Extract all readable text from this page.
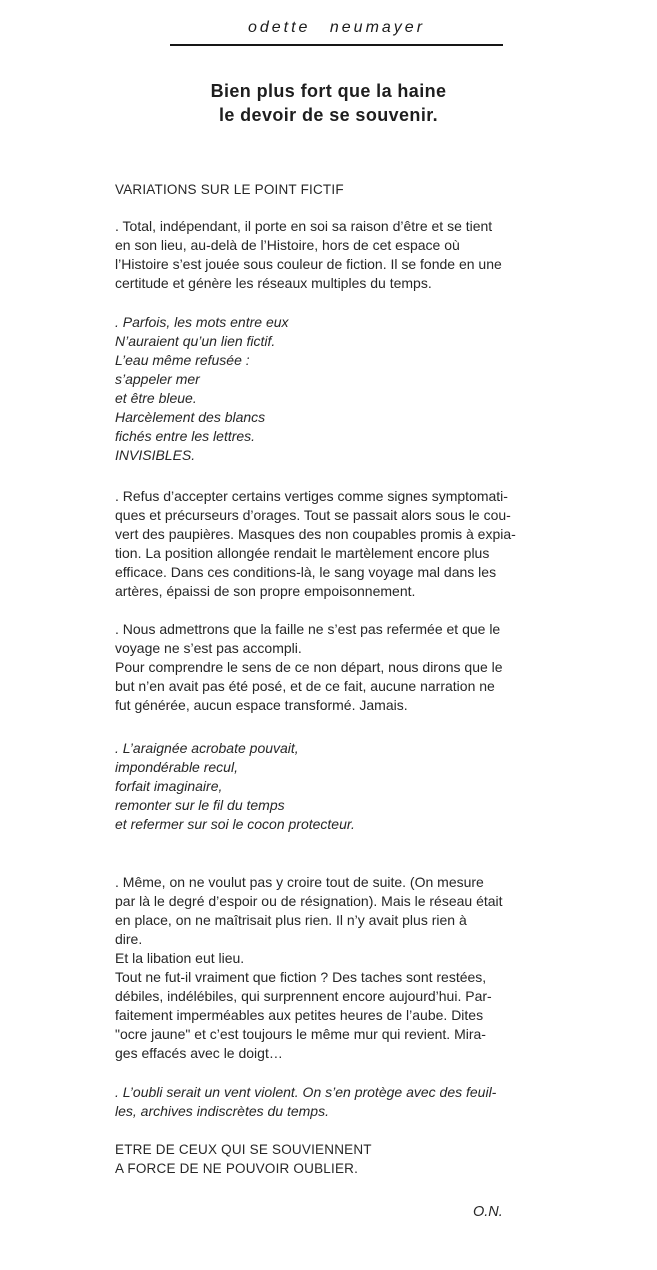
odette neumayer
Bien plus fort que la haine
le devoir de se souvenir.
VARIATIONS SUR LE POINT FICTIF
. Total, indépendant, il porte en soi sa raison d’être et se tient
en son lieu, au-delà de l’Histoire, hors de cet espace où
l’Histoire s’est jouée sous couleur de fiction. Il se fonde en une
certitude et génère les réseaux multiples du temps.
. Parfois, les mots entre eux
N’auraient qu’un lien fictif.
L’eau même refusée :
s’appeler mer
et être bleue.
Harcèlement des blancs
fichés entre les lettres.
INVISIBLES.
. Refus d’accepter certains vertiges comme signes symptomati-
ques et précurseurs d’orages. Tout se passait alors sous le cou-
vert des paupières. Masques des non coupables promis à expia-
tion. La position allongée rendait le martèlement encore plus
efficace. Dans ces conditions-là, le sang voyage mal dans les
artères, épaissi de son propre empoisonnement.
. Nous admettrons que la faille ne s’est pas refermée et que le
voyage ne s’est pas accompli.
Pour comprendre le sens de ce non départ, nous dirons que le
but n’en avait pas été posé, et de ce fait, aucune narration ne
fut générée, aucun espace transformé. Jamais.
. L’araignée acrobate pouvait,
impondérable recul,
forfait imaginaire,
remonter sur le fil du temps
et refermer sur soi le cocon protecteur.
. Même, on ne voulut pas y croire tout de suite. (On mesure
par là le degré d’espoir ou de résignation). Mais le réseau était
en place, on ne maîtrisait plus rien. Il n’y avait plus rien à
dire.
Et la libation eut lieu.
Tout ne fut-il vraiment que fiction ? Des taches sont restées,
débiles, indélébiles, qui surprennent encore aujourd’hui. Par-
faitement imperméables aux petites heures de l’aube. Dites
"ocre jaune" et c’est toujours le même mur qui revient. Mira-
ges effacés avec le doigt…
. L’oubli serait un vent violent. On s’en protège avec des feuil-
les, archives indiscrètes du temps.
ETRE DE CEUX QUI SE SOUVIENNENT
A FORCE DE NE POUVOIR OUBLIER.
O.N.
